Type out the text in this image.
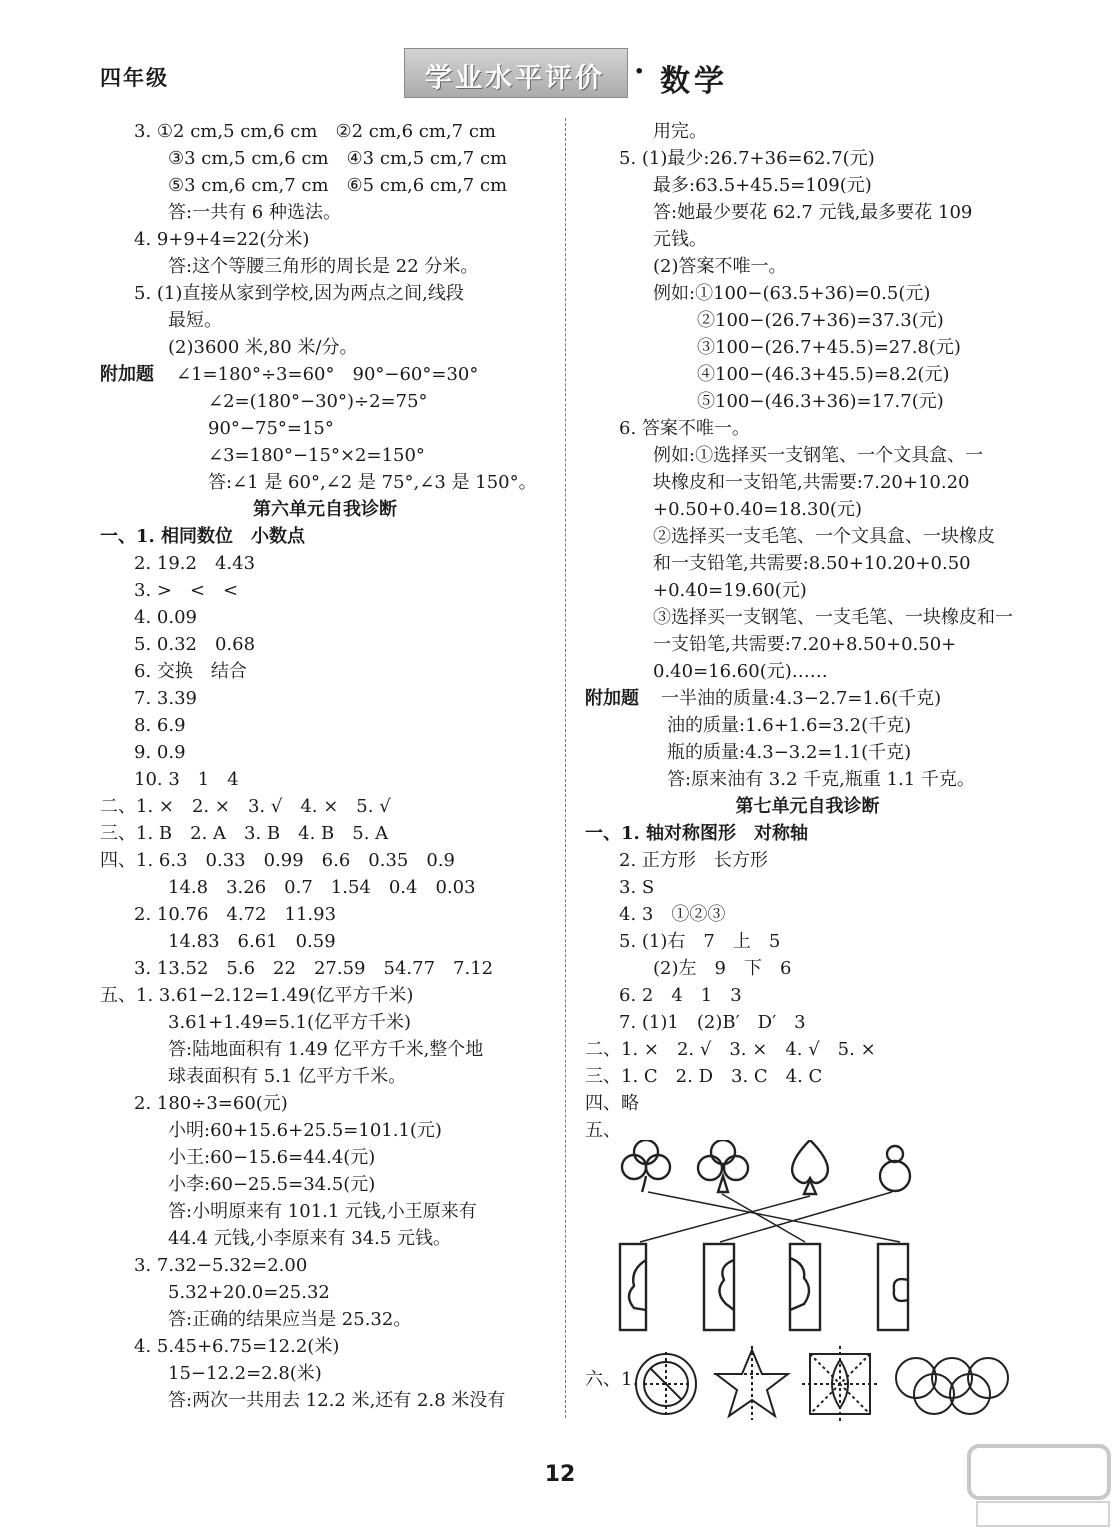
四年级	学业水平评价 · 数学
3. ①2 cm,5 cm,6 cm　②2 cm,6 cm,7 cm
③3 cm,5 cm,6 cm　④3 cm,5 cm,7 cm
⑤3 cm,6 cm,7 cm　⑥5 cm,6 cm,7 cm
答:一共有 6 种选法。
4. 9+9+4=22(分米)
答:这个等腰三角形的周长是 22 分米。
5. (1)直接从家到学校,因为两点之间,线段
最短。
(2)3600 米,80 米/分。
附加题 ∠1=180°÷3=60°　90°−60°=30°
∠2=(180°−30°)÷2=75°
90°−75°=15°
∠3=180°−15°×2=150°
答:∠1 是 60°,∠2 是 75°,∠3 是 150°。
第六单元自我诊断
一、1. 相同数位　小数点
2. 19.2　4.43
3. >　<　<
4. 0.09
5. 0.32　0.68
6. 交换　结合
7. 3.39
8. 6.9
9. 0.9
10. 3　1　4
二、1. ×　2. ×　3. √　4. ×　5. √
三、1. B　2. A　3. B　4. B　5. A
四、1. 6.3　0.33　0.99　6.6　0.35　0.9
14.8　3.26　0.7　1.54　0.4　0.03
2. 10.76　4.72　11.93
14.83　6.61　0.59
3. 13.52　5.6　22　27.59　54.77　7.12
五、1. 3.61−2.12=1.49(亿平方千米)
3.61+1.49=5.1(亿平方千米)
答:陆地面积有 1.49 亿平方千米,整个地
球表面积有 5.1 亿平方千米。
2. 180÷3=60(元)
小明:60+15.6+25.5=101.1(元)
小王:60−15.6=44.4(元)
小李:60−25.5=34.5(元)
答:小明原来有 101.1 元钱,小王原来有
44.4 元钱,小李原来有 34.5 元钱。
3. 7.32−5.32=2.00
5.32+20.0=25.32
答:正确的结果应当是 25.32。
4. 5.45+6.75=12.2(米)
15−12.2=2.8(米)
答:两次一共用去 12.2 米,还有 2.8 米没有
用完。
5. (1)最少:26.7+36=62.7(元)
最多:63.5+45.5=109(元)
答:她最少要花 62.7 元钱,最多要花 109
元钱。
(2)答案不唯一。
例如:①100−(63.5+36)=0.5(元)
②100−(26.7+36)=37.3(元)
③100−(26.7+45.5)=27.8(元)
④100−(46.3+45.5)=8.2(元)
⑤100−(46.3+36)=17.7(元)
6. 答案不唯一。
例如:①选择买一支钢笔、一个文具盒、一
块橡皮和一支铅笔,共需要:7.20+10.20
+0.50+0.40=18.30(元)
②选择买一支毛笔、一个文具盒、一块橡皮
和一支铅笔,共需要:8.50+10.20+0.50
+0.40=19.60(元)
③选择买一支钢笔、一支毛笔、一块橡皮和一
一支铅笔,共需要:7.20+8.50+0.50+
0.40=16.60(元)……
附加题 一半油的质量:4.3−2.7=1.6(千克)
油的质量:1.6+1.6=3.2(千克)
瓶的质量:4.3−3.2=1.1(千克)
答:原来油有 3.2 千克,瓶重 1.1 千克。
第七单元自我诊断
一、1. 轴对称图形　对称轴
2. 正方形　长方形
3. S
4. 3　①②③
5. (1)右　7　上　5
(2)左　9　下　6
6. 2　4　1　3
7. (1)1　(2)B′　D′　3
二、1. ×　2. √　3. ×　4. √　5. ×
三、1. C　2. D　3. C　4. C
四、略
五、
六、1.
12
